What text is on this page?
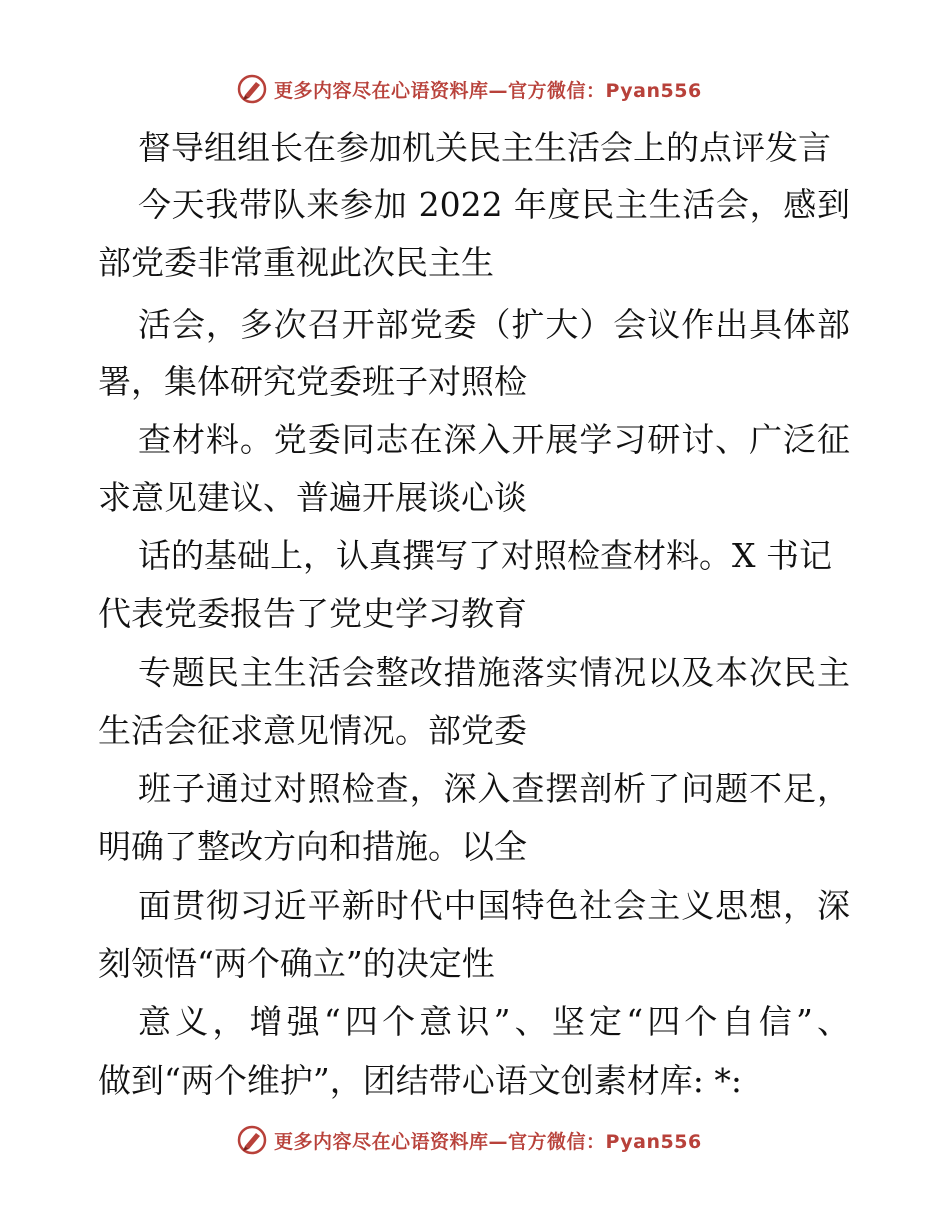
更多内容尽在心语资料库—官方微信：Pyan556
督导组组长在参加机关民主生活会上的点评发言
今天我带队来参加 2022 年度民主生活会，感到
部党委非常重视此次民主生
活会，多次召开部党委（扩大）会议作出具体部
署，集体研究党委班子对照检
查材料。党委同志在深入开展学习研讨、广泛征
求意见建议、普遍开展谈心谈
话的基础上，认真撰写了对照检查材料。X 书记
代表党委报告了党史学习教育
专题民主生活会整改措施落实情况以及本次民主
生活会征求意见情况。部党委
班子通过对照检查，深入查摆剖析了问题不足，
明确了整改方向和措施。以全
面贯彻习近平新时代中国特色社会主义思想，深
刻领悟“两个确立”的决定性
意义，增强“四个意识”、坚定“四个自信”、
做到“两个维护”，团结带心语文创素材库: *:
更多内容尽在心语资料库—官方微信：Pyan556
